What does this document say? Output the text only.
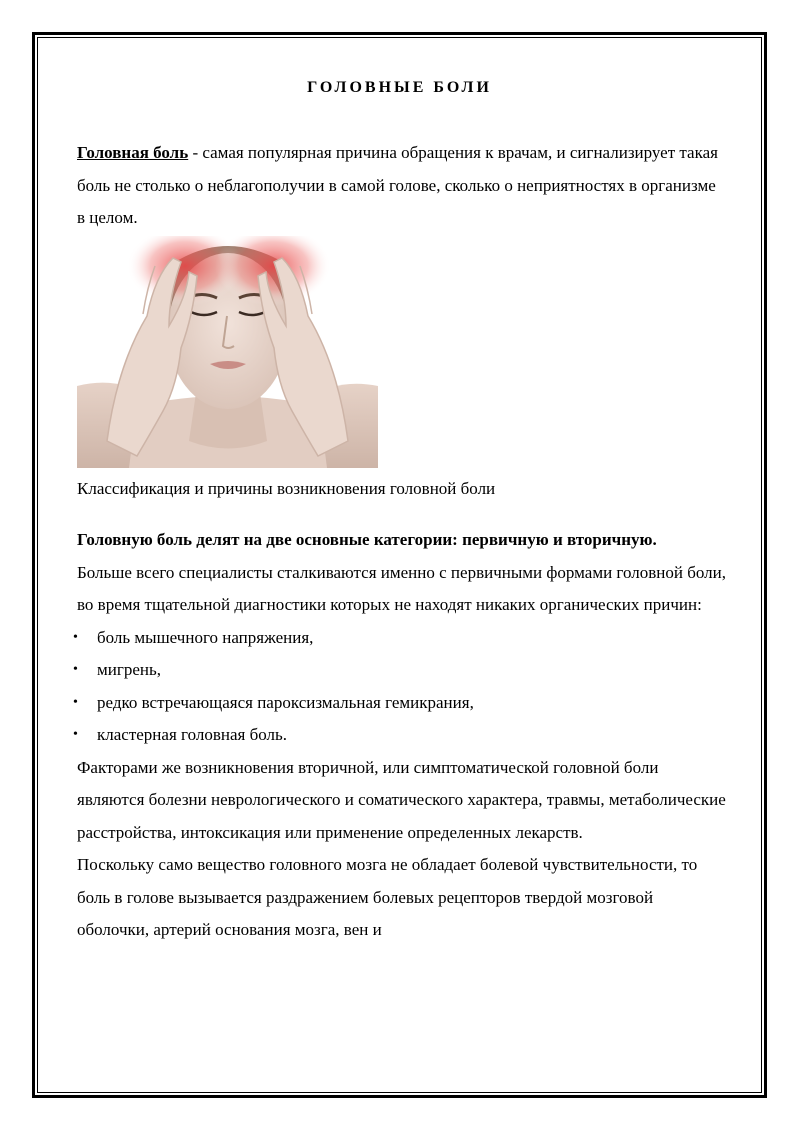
ГОЛОВНЫЕ БОЛИ

Головная боль - самая популярная причина обращения к врачам, и сигнализирует такая боль не столько о неблагополучии в самой голове, сколько о неприятностях в организме в целом.

Классификация и причины возникновения головной боли

Головную боль делят на две основные категории: первичную и вторичную.

Больше всего специалисты сталкиваются именно с первичными формами головной боли, во время тщательной диагностики которых не находят никаких органических причин:

• боль мышечного напряжения,
• мигрень,
• редко встречающаяся пароксизмальная гемикрания,
• кластерная головная боль.

Факторами же возникновения вторичной, или симптоматической головной боли являются болезни неврологического и соматического характера, травмы, метаболические расстройства, интоксикация или применение определенных лекарств.

Поскольку само вещество головного мозга не обладает болевой чувствительности, то боль в голове вызывается раздражением болевых рецепторов твердой мозговой оболочки, артерий основания мозга, вен и
